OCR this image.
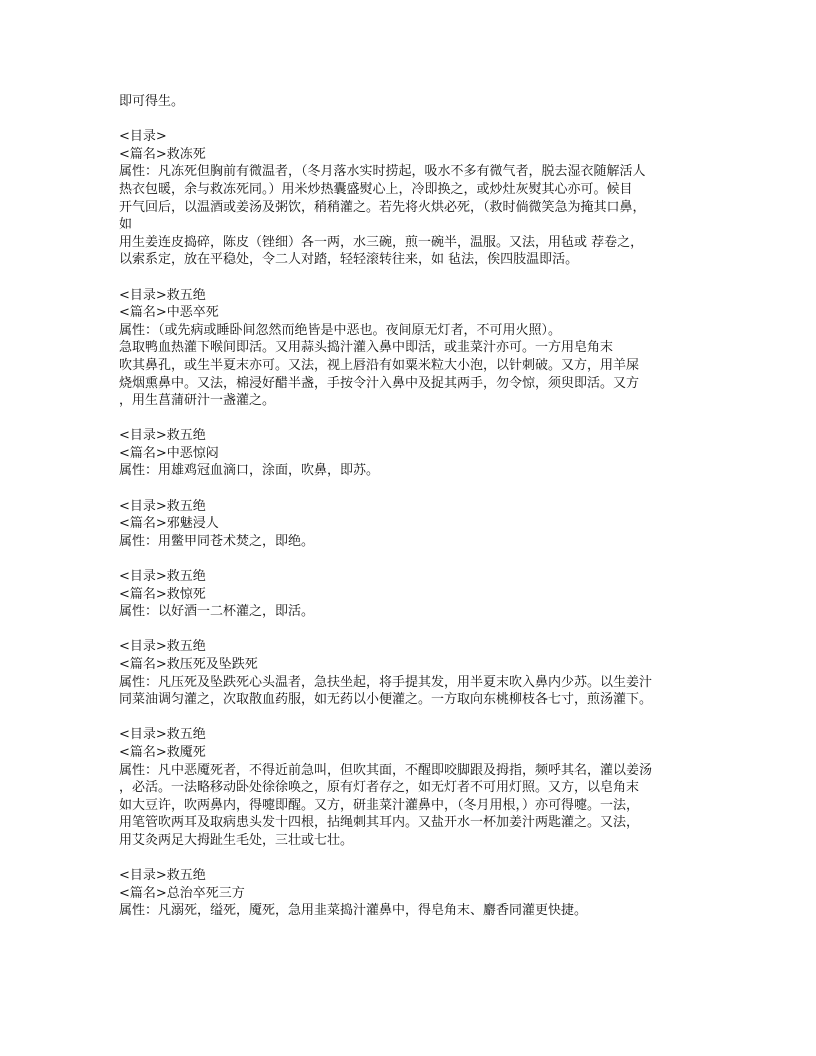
即可得生。
<目录>
<篇名>救冻死
属性：凡冻死但胸前有微温者，（冬月落水实时捞起，吸水不多有微气者，脱去湿衣随解活人
热衣包暖，余与救冻死同。）用米炒热囊盛熨心上，冷即换之，或炒灶灰熨其心亦可。候目
开气回后，以温酒或姜汤及粥饮，稍稍灌之。若先将火烘必死，（救时倘微笑急为掩其口鼻，
如
用生姜连皮捣碎，陈皮（锉细）各一两，水三碗，煎一碗半，温服。又法，用毡或 荐卷之，
以索系定，放在平稳处，令二人对踏，轻轻滚转往来，如 毡法，俟四肢温即活。
<目录>救五绝
<篇名>中恶卒死
属性：（或先病或睡卧间忽然而绝皆是中恶也。夜间原无灯者，不可用火照）。
急取鸭血热灌下喉间即活。又用蒜头捣汁灌入鼻中即活，或韭菜汁亦可。一方用皂角末
吹其鼻孔，或生半夏末亦可。又法，视上唇沿有如粟米粒大小泡，以针刺破。又方，用羊屎
烧烟熏鼻中。又法，棉浸好醋半盏，手按令汁入鼻中及捉其两手，勿令惊，须臾即活。又方
，用生菖蒲研汁一盏灌之。
<目录>救五绝
<篇名>中恶惊闷
属性：用雄鸡冠血滴口，涂面，吹鼻，即苏。
<目录>救五绝
<篇名>邪魅浸人
属性：用鳖甲同苍术焚之，即绝。
<目录>救五绝
<篇名>救惊死
属性：以好酒一二杯灌之，即活。
<目录>救五绝
<篇名>救压死及坠跌死
属性：凡压死及坠跌死心头温者，急扶坐起，将手提其发，用半夏末吹入鼻内少苏。以生姜汁
同菜油调匀灌之，次取散血药服，如无药以小便灌之。一方取向东桃柳枝各七寸，煎汤灌下。
<目录>救五绝
<篇名>救魇死
属性：凡中恶魇死者，不得近前急叫，但吹其面，不醒即咬脚跟及拇指，频呼其名，灌以姜汤
，必活。一法略移动卧处徐徐唤之，原有灯者存之，如无灯者不可用灯照。又方，以皂角末
如大豆许，吹两鼻内，得嚏即醒。又方，研韭菜汁灌鼻中，（冬月用根，）亦可得嚏。一法，
用笔管吹两耳及取病患头发十四根，拈绳刺其耳内。又盐开水一杯加姜汁两匙灌之。又法，
用艾灸两足大拇趾生毛处，三壮或七壮。
<目录>救五绝
<篇名>总治卒死三方
属性：凡溺死，缢死，魇死，急用韭菜捣汁灌鼻中，得皂角末、麝香同灌更快捷。
